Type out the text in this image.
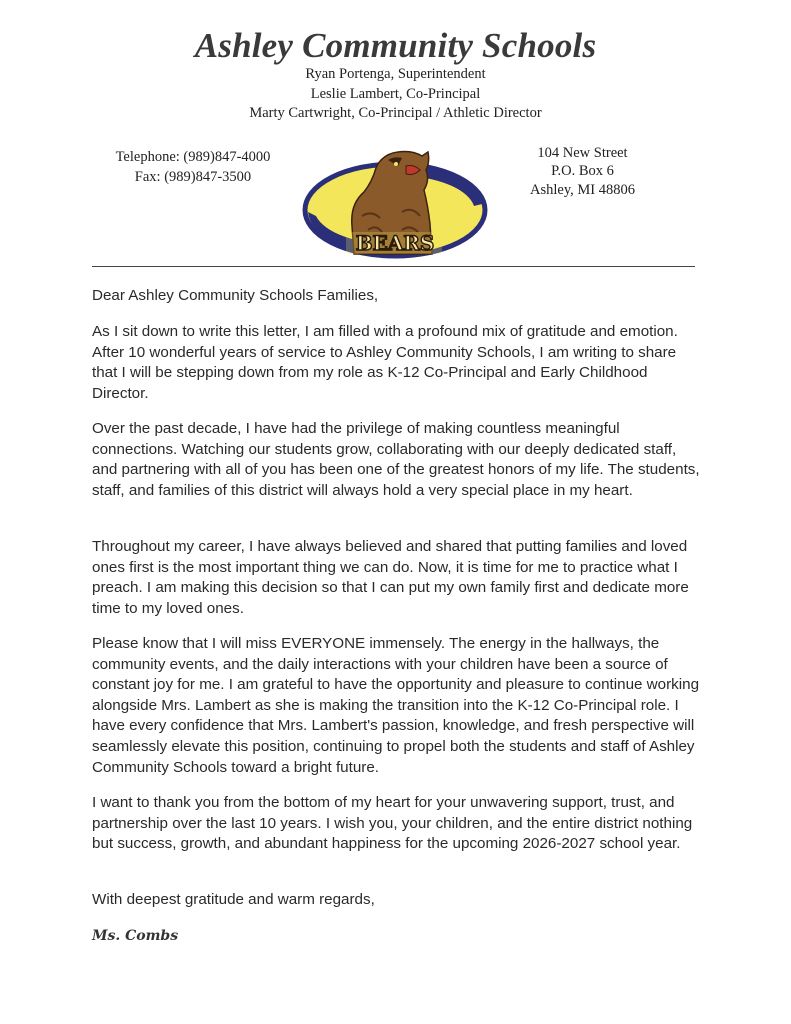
Ashley Community Schools
Ryan Portenga, Superintendent
Leslie Lambert, Co-Principal
Marty Cartwright, Co-Principal / Athletic Director
Telephone: (989)847-4000
Fax: (989)847-3500
104 New Street
P.O. Box 6
Ashley, MI 48806
BEARS
Dear Ashley Community Schools Families,

As I sit down to write this letter, I am filled with a profound mix of gratitude and emotion. After 10 wonderful years of service to Ashley Community Schools, I am writing to share that I will be stepping down from my role as K-12 Co-Principal and Early Childhood Director.

Over the past decade, I have had the privilege of making countless meaningful connections. Watching our students grow, collaborating with our deeply dedicated staff, and partnering with all of you has been one of the greatest honors of my life. The students, staff, and families of this district will always hold a very special place in my heart.

Throughout my career, I have always believed and shared that putting families and loved ones first is the most important thing we can do. Now, it is time for me to practice what I preach. I am making this decision so that I can put my own family first and dedicate more time to my loved ones.

Please know that I will miss EVERYONE immensely. The energy in the hallways, the community events, and the daily interactions with your children have been a source of constant joy for me. I am grateful to have the opportunity and pleasure to continue working alongside Mrs. Lambert as she is making the transition into the K-12 Co-Principal role. I have every confidence that Mrs. Lambert's passion, knowledge, and fresh perspective will seamlessly elevate this position, continuing to propel both the students and staff of Ashley Community Schools toward a bright future.

I want to thank you from the bottom of my heart for your unwavering support, trust, and partnership over the last 10 years. I wish you, your children, and the entire district nothing but success, growth, and abundant happiness for the upcoming 2026-2027 school year.

With deepest gratitude and warm regards,
Ms. Combs
